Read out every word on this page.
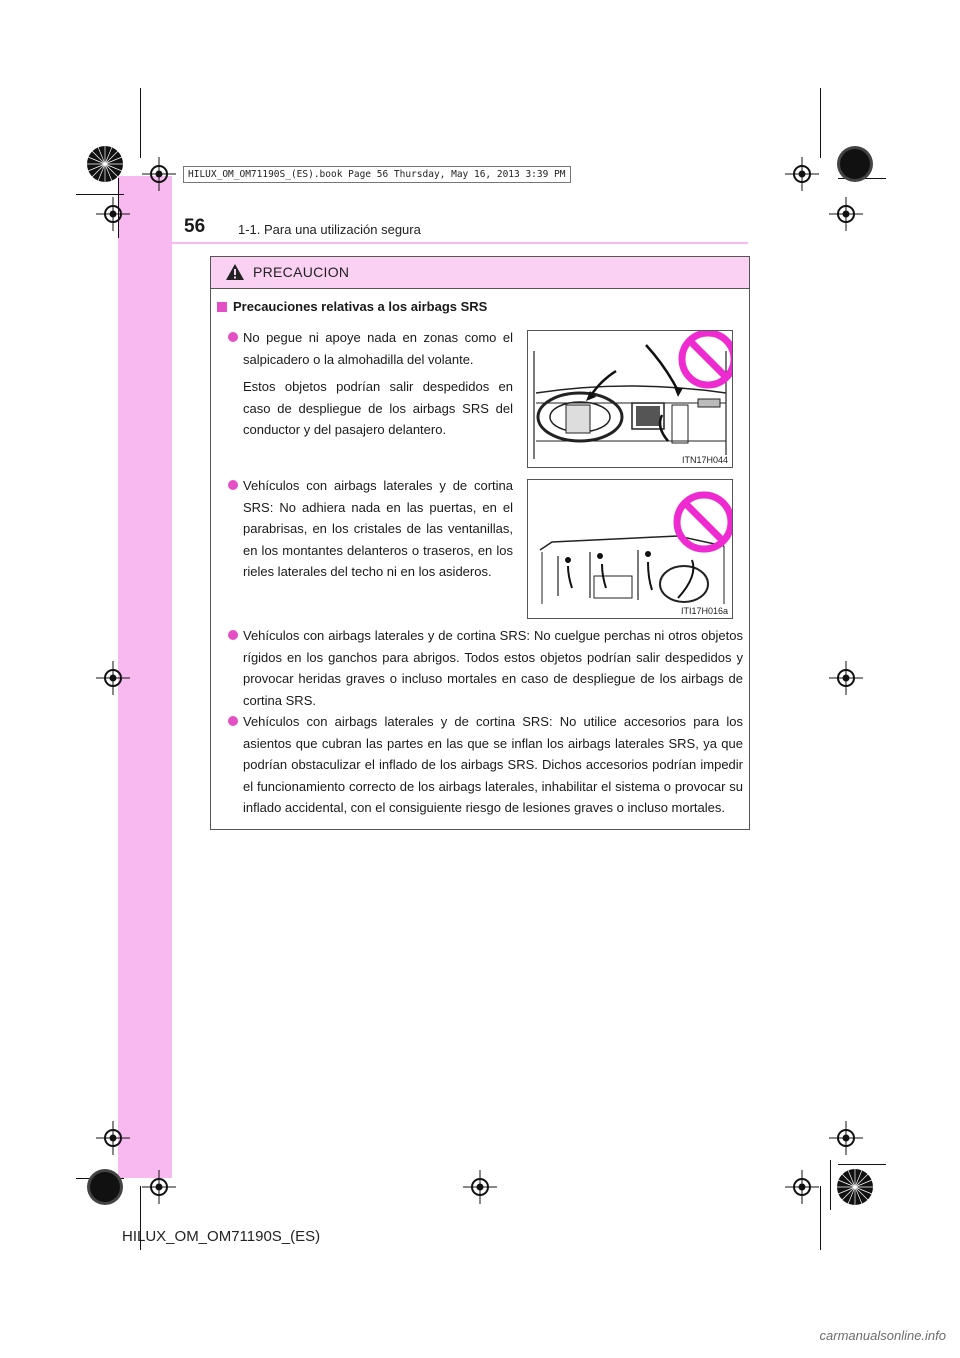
HILUX_OM_OM71190S_(ES).book Page 56 Thursday, May 16, 2013 3:39 PM
56	1-1. Para una utilización segura
PRECAUCION
Precauciones relativas a los airbags SRS

No pegue ni apoye nada en zonas como el salpicadero o la almohadilla del volante.

Estos objetos podrían salir despedidos en caso de despliegue de los airbags SRS del conductor y del pasajero delantero.

ITN17H044

Vehículos con airbags laterales y de cortina SRS: No adhiera nada en las puertas, en el parabrisas, en los cristales de las ventanillas, en los montantes delanteros o traseros, en los rieles laterales del techo ni en los asideros.

ITI17H016a

Vehículos con airbags laterales y de cortina SRS: No cuelgue perchas ni otros objetos rígidos en los ganchos para abrigos. Todos estos objetos podrían salir despedidos y provocar heridas graves o incluso mortales en caso de despliegue de los airbags de cortina SRS.

Vehículos con airbags laterales y de cortina SRS: No utilice accesorios para los asientos que cubran las partes en las que se inflan los airbags laterales SRS, ya que podrían obstaculizar el inflado de los airbags SRS. Dichos accesorios podrían impedir el funcionamiento correcto de los airbags laterales, inhabilitar el sistema o provocar su inflado accidental, con el consiguiente riesgo de lesiones graves o incluso mortales.

HILUX_OM_OM71190S_(ES)
carmanualsonline.info
